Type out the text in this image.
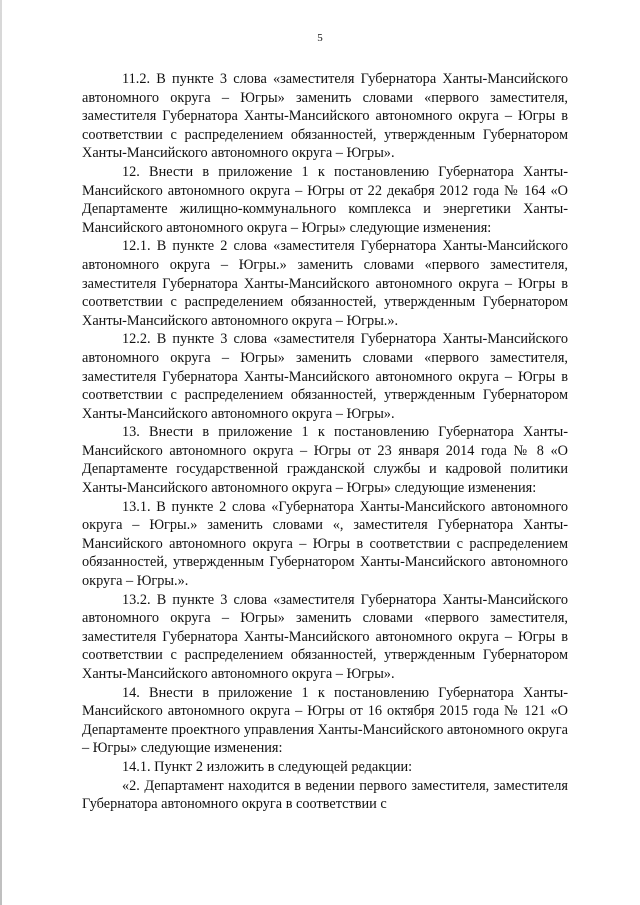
5

11.2. В пункте 3 слова «заместителя Губернатора Ханты-Мансийского автономного округа – Югры» заменить словами «первого заместителя, заместителя Губернатора Ханты-Мансийского автономного округа – Югры в соответствии с распределением обязанностей, утвержденным Губернатором Ханты-Мансийского автономного округа – Югры».

12. Внести в приложение 1 к постановлению Губернатора Ханты-Мансийского автономного округа – Югры от 22 декабря 2012 года № 164 «О Департаменте жилищно-коммунального комплекса и энергетики Ханты-Мансийского автономного округа – Югры» следующие изменения:

12.1. В пункте 2 слова «заместителя Губернатора Ханты-Мансийского автономного округа – Югры.» заменить словами «первого заместителя, заместителя Губернатора Ханты-Мансийского автономного округа – Югры в соответствии с распределением обязанностей, утвержденным Губернатором Ханты-Мансийского автономного округа – Югры.».

12.2. В пункте 3 слова «заместителя Губернатора Ханты-Мансийского автономного округа – Югры» заменить словами «первого заместителя, заместителя Губернатора Ханты-Мансийского автономного округа – Югры в соответствии с распределением обязанностей, утвержденным Губернатором Ханты-Мансийского автономного округа – Югры».

13. Внести в приложение 1 к постановлению Губернатора Ханты-Мансийского автономного округа – Югры от 23 января 2014 года № 8 «О Департаменте государственной гражданской службы и кадровой политики Ханты-Мансийского автономного округа – Югры» следующие изменения:

13.1. В пункте 2 слова «Губернатора Ханты-Мансийского автономного округа – Югры.» заменить словами «, заместителя Губернатора Ханты-Мансийского автономного округа – Югры в соответствии с распределением обязанностей, утвержденным Губернатором Ханты-Мансийского автономного округа – Югры.».

13.2. В пункте 3 слова «заместителя Губернатора Ханты-Мансийского автономного округа – Югры» заменить словами «первого заместителя, заместителя Губернатора Ханты-Мансийского автономного округа – Югры в соответствии с распределением обязанностей, утвержденным Губернатором Ханты-Мансийского автономного округа – Югры».

14. Внести в приложение 1 к постановлению Губернатора Ханты-Мансийского автономного округа – Югры от 16 октября 2015 года № 121 «О Департаменте проектного управления Ханты-Мансийского автономного округа – Югры» следующие изменения:

14.1. Пункт 2 изложить в следующей редакции:

«2. Департамент находится в ведении первого заместителя, заместителя Губернатора автономного округа в соответствии с
